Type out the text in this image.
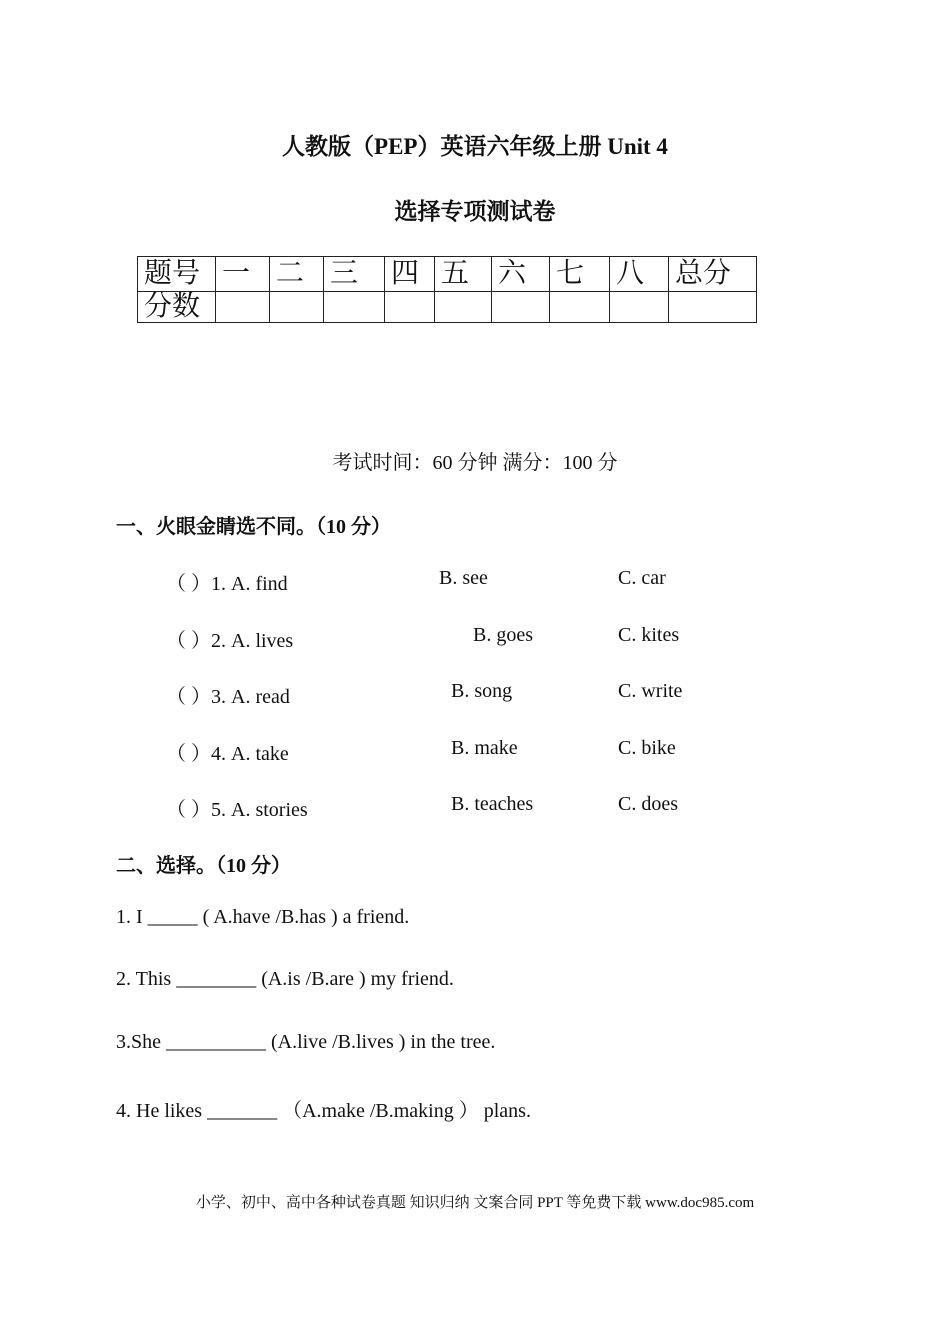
人教版（PEP）英语六年级上册 Unit 4
选择专项测试卷
题号	一	二	三	四	五	六	七	八	总分
分数									
考试时间：60 分钟 满分：100 分
一、火眼金睛选不同。（10 分）
（ ）1. A. find	B. see	C. car
（ ）2. A. lives	B. goes	C. kites
（ ）3. A. read	B. song	C. write
（ ）4. A. take	B. make	C. bike
（ ）5. A. stories	B. teaches	C. does
二、选择。（10 分）
1. I _____ ( A.have /B.has ) a friend.
2. This ________ (A.is /B.are ) my friend.
3.She __________ (A.live /B.lives ) in the tree.
4. He likes _______ （A.make /B.making ） plans.
小学、初中、高中各种试卷真题 知识归纳 文案合同 PPT 等免费下载 www.doc985.com
